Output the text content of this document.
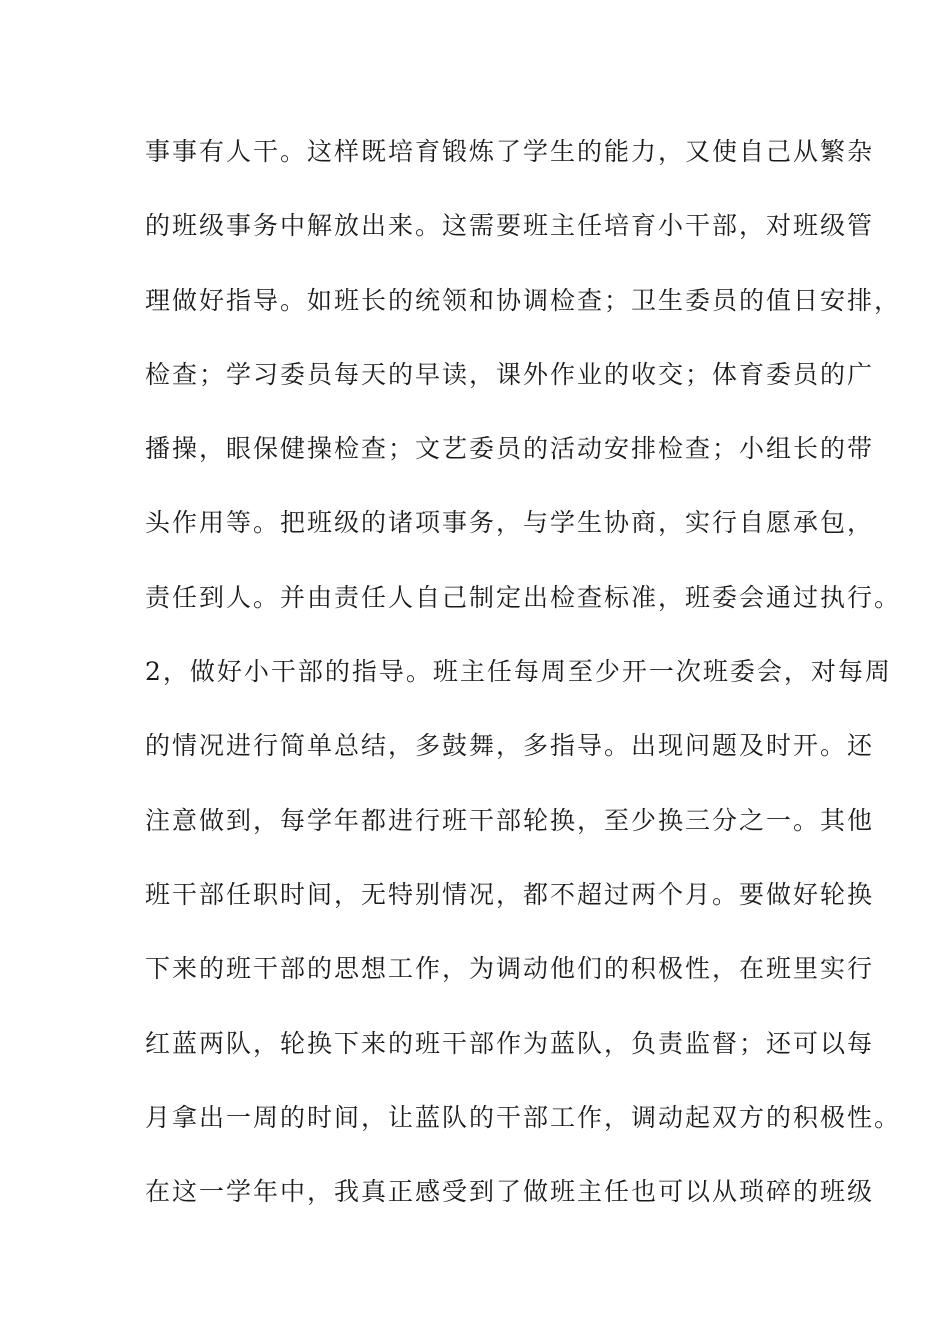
事事有人干。这样既培育锻炼了学生的能力，又使自己从繁杂
的班级事务中解放出来。这需要班主任培育小干部，对班级管
理做好指导。如班长的统领和协调检查；卫生委员的值日安排，
检查；学习委员每天的早读，课外作业的收交；体育委员的广
播操，眼保健操检查；文艺委员的活动安排检查；小组长的带
头作用等。把班级的诸项事务，与学生协商，实行自愿承包，
责任到人。并由责任人自己制定出检查标准，班委会通过执行。
2，做好小干部的指导。班主任每周至少开一次班委会，对每周
的情况进行简单总结，多鼓舞，多指导。出现问题及时开。还
注意做到，每学年都进行班干部轮换，至少换三分之一。其他
班干部任职时间，无特别情况，都不超过两个月。要做好轮换
下来的班干部的思想工作，为调动他们的积极性，在班里实行
红蓝两队，轮换下来的班干部作为蓝队，负责监督；还可以每
月拿出一周的时间，让蓝队的干部工作，调动起双方的积极性。
在这一学年中，我真正感受到了做班主任也可以从琐碎的班级
